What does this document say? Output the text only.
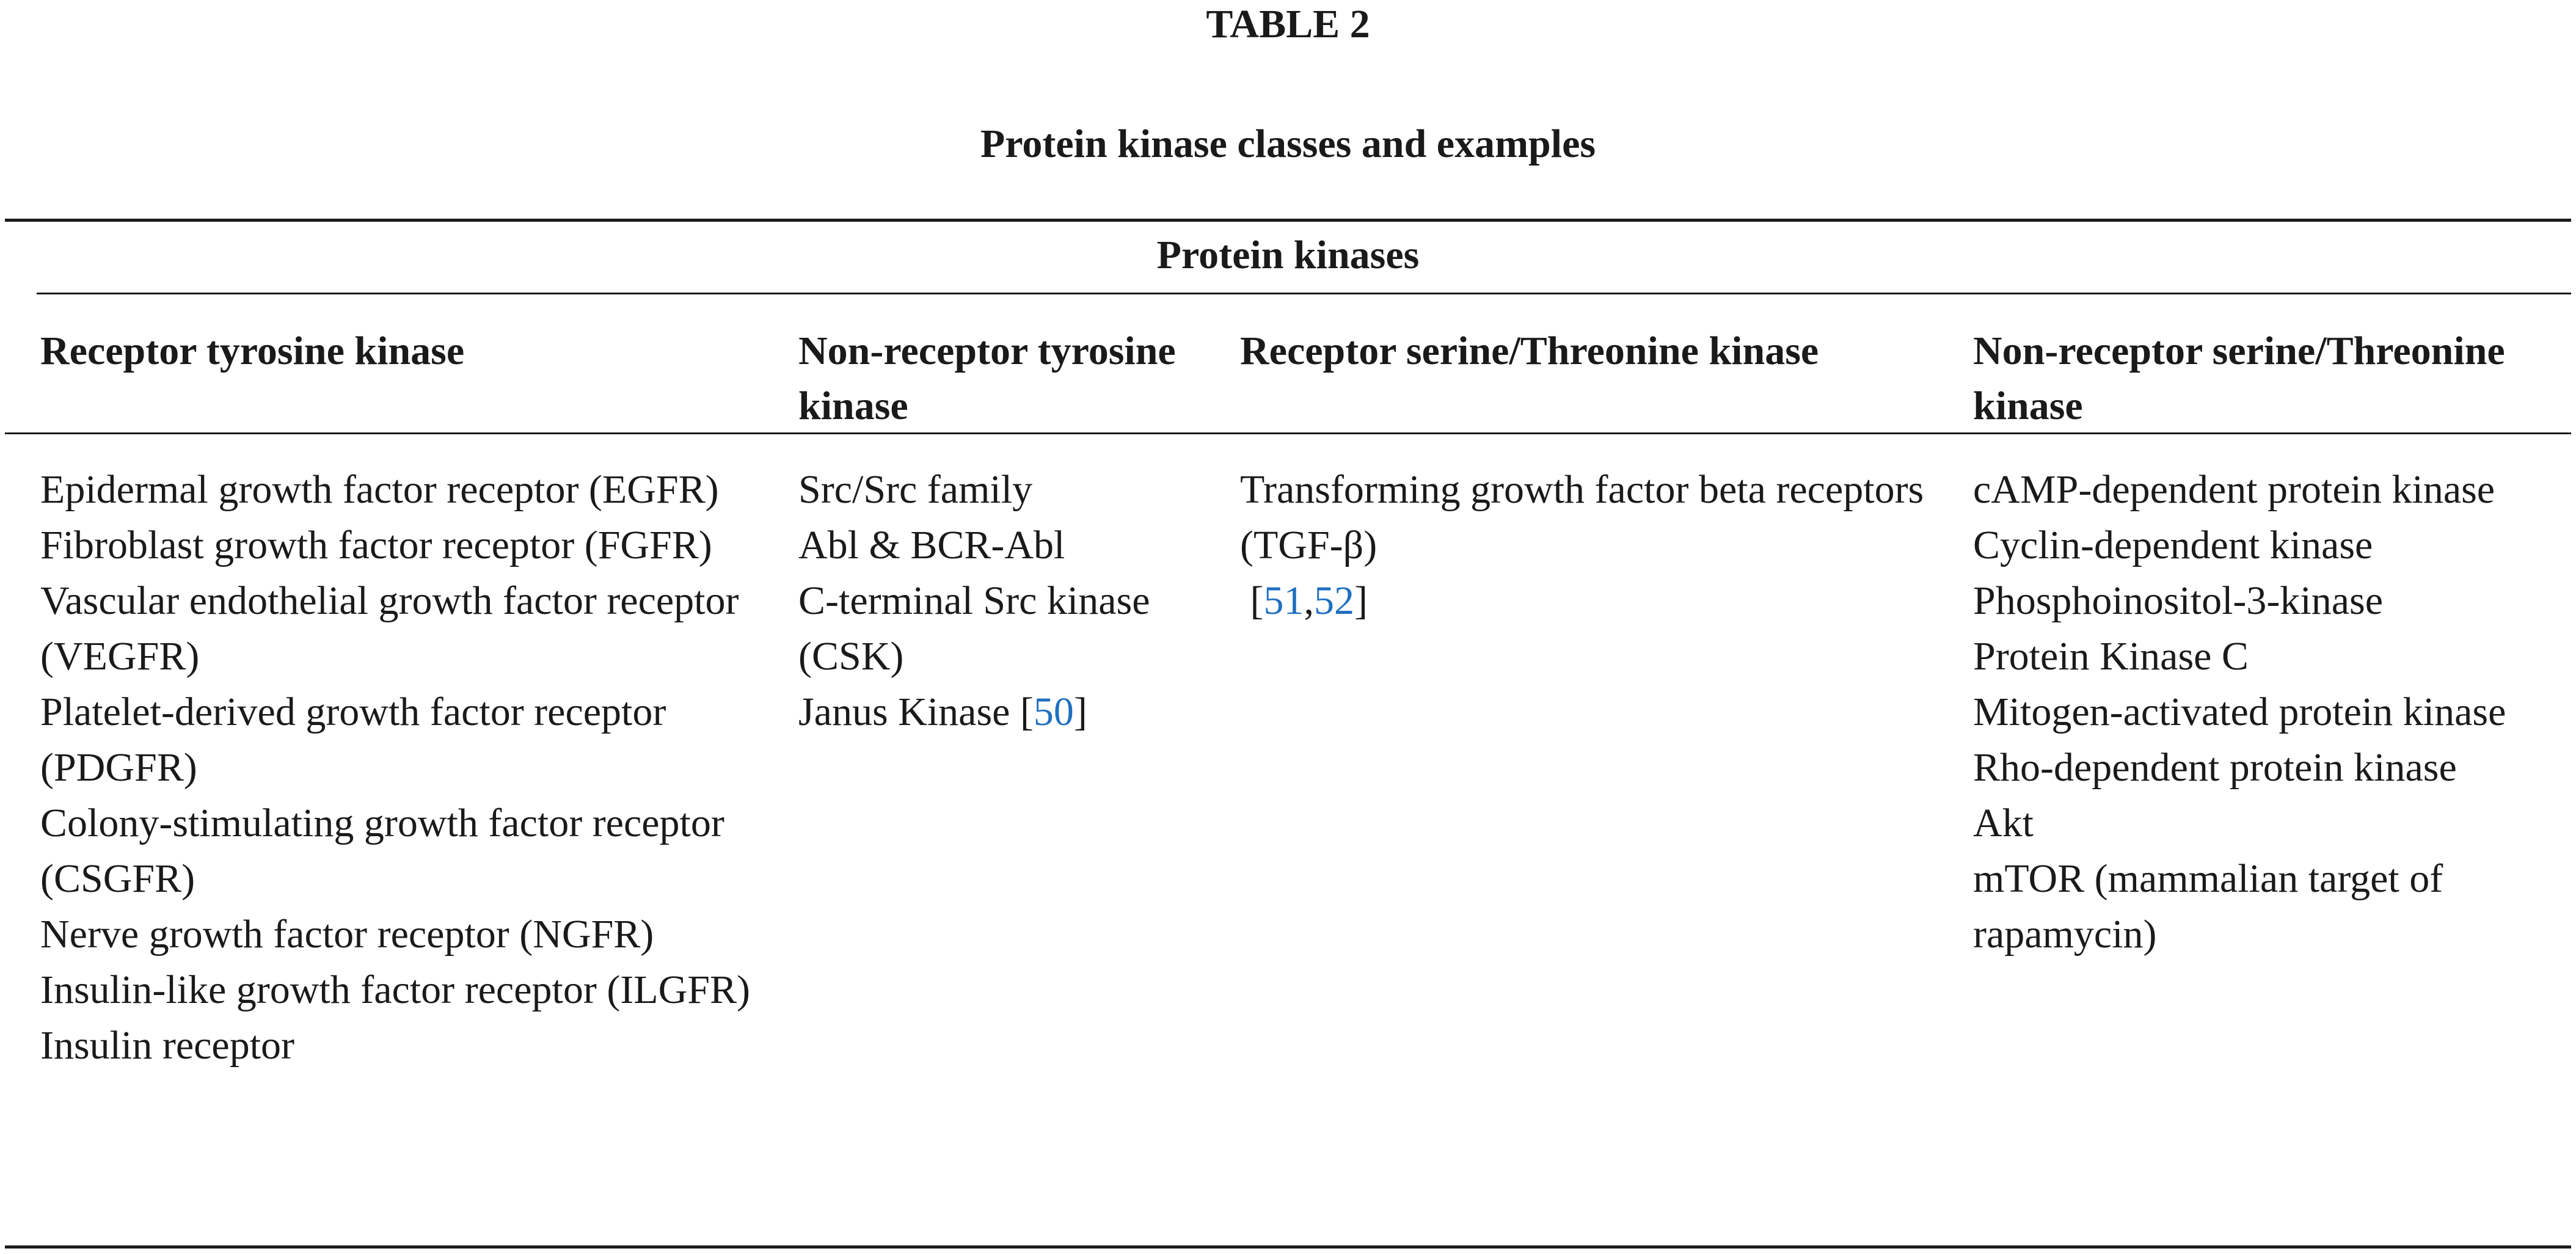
TABLE 2
Protein kinase classes and examples
Protein kinases
Receptor tyrosine kinase	Non-receptor tyrosine kinase
Receptor serine/Threonine kinase	Non-receptor serine/Threonine kinase
Epidermal growth factor receptor (EGFR)
Fibroblast growth factor receptor (FGFR)
Vascular endothelial growth factor receptor (VEGFR)
Platelet-derived growth factor receptor (PDGFR)
Colony-stimulating growth factor receptor (CSGFR)
Nerve growth factor receptor (NGFR)
Insulin-like growth factor receptor (ILGFR)
Insulin receptor
Src/Src family
Abl & BCR-Abl
C-terminal Src kinase (CSK)
Janus Kinase [50]
Transforming growth factor beta receptors (TGF-β)
[51,52]
cAMP-dependent protein kinase
Cyclin-dependent kinase
Phosphoinositol-3-kinase
Protein Kinase C
Mitogen-activated protein kinase
Rho-dependent protein kinase
Akt
mTOR (mammalian target of rapamycin)
